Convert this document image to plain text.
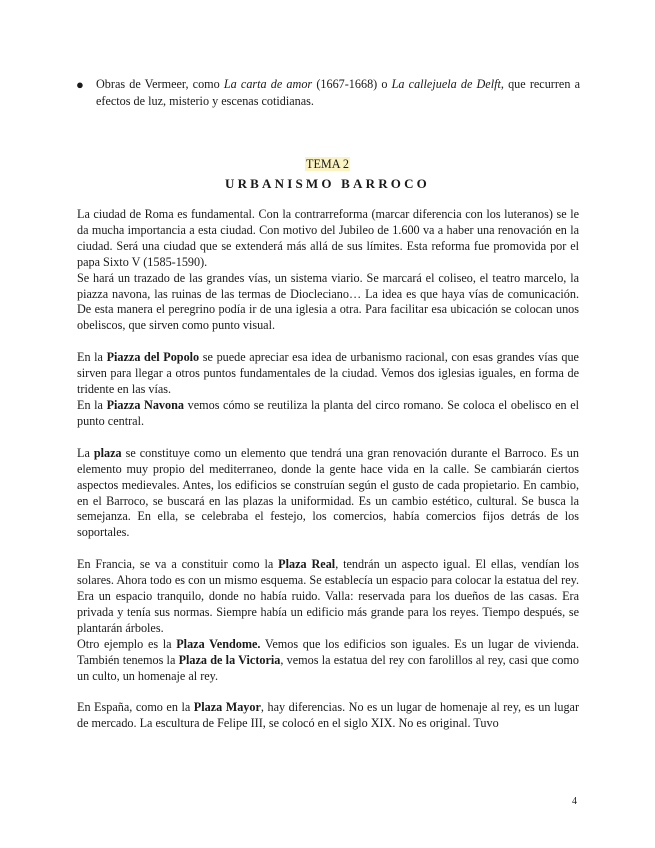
● Obras de Vermeer, como La carta de amor (1667-1668) o La callejuela de Delft, que recurren a efectos de luz, misterio y escenas cotidianas.
TEMA 2
URBANISMO BARROCO

La ciudad de Roma es fundamental. Con la contrarreforma (marcar diferencia con los luteranos) se le da mucha importancia a esta ciudad. Con motivo del Jubileo de 1.600 va a haber una renovación en la ciudad. Será una ciudad que se extenderá más allá de sus límites. Esta reforma fue promovida por el papa Sixto V (1585-1590).

Se hará un trazado de las grandes vías, un sistema viario. Se marcará el coliseo, el teatro marcelo, la piazza navona, las ruinas de las termas de Diocleciano… La idea es que haya vías de comunicación. De esta manera el peregrino podía ir de una iglesia a otra. Para facilitar esa ubicación se colocan unos obeliscos, que sirven como punto visual.

En la Piazza del Popolo se puede apreciar esa idea de urbanismo racional, con esas grandes vías que sirven para llegar a otros puntos fundamentales de la ciudad. Vemos dos iglesias iguales, en forma de tridente en las vías.

En la Piazza Navona vemos cómo se reutiliza la planta del circo romano. Se coloca el obelisco en el punto central.

La plaza se constituye como un elemento que tendrá una gran renovación durante el Barroco. Es un elemento muy propio del mediterraneo, donde la gente hace vida en la calle. Se cambiarán ciertos aspectos medievales. Antes, los edificios se construían según el gusto de cada propietario. En cambio, en el Barroco, se buscará en las plazas la uniformidad. Es un cambio estético, cultural. Se busca la semejanza. En ella, se celebraba el festejo, los comercios, había comercios fijos detrás de los soportales.

En Francia, se va a constituir como la Plaza Real, tendrán un aspecto igual. El ellas, vendían los solares. Ahora todo es con un mismo esquema. Se establecía un espacio para colocar la estatua del rey. Era un espacio tranquilo, donde no había ruido. Valla: reservada para los dueños de las casas. Era privada y tenía sus normas. Siempre había un edificio más grande para los reyes. Tiempo después, se plantarán árboles.

Otro ejemplo es la Plaza Vendome. Vemos que los edificios son iguales. Es un lugar de vivienda. También tenemos la Plaza de la Victoria, vemos la estatua del rey con farolillos al rey, casi que como un culto, un homenaje al rey.

En España, como en la Plaza Mayor, hay diferencias. No es un lugar de homenaje al rey, es un lugar de mercado. La escultura de Felipe III, se colocó en el siglo XIX. No es original. Tuvo

4
